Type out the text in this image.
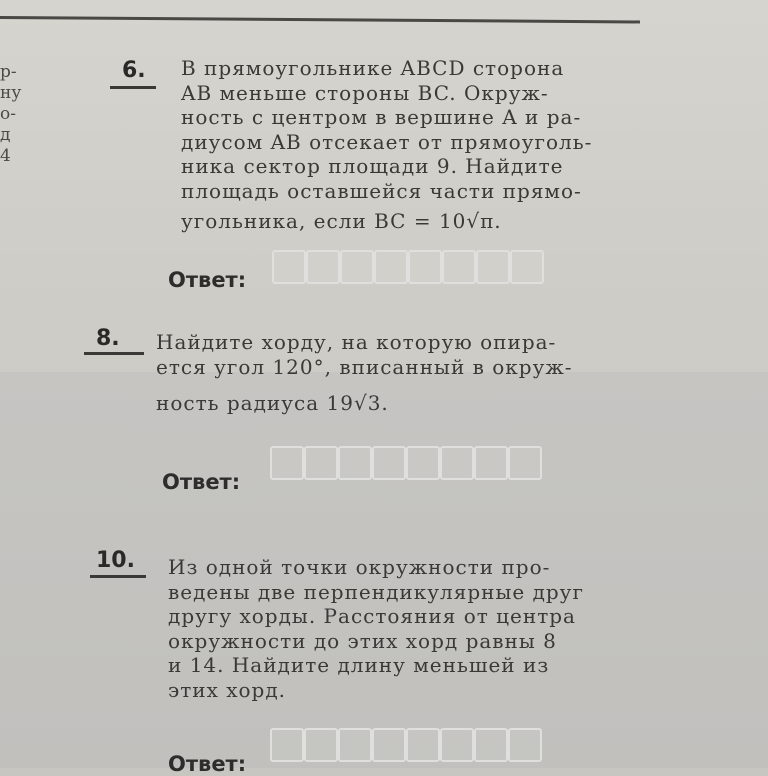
р-
ну
о-
д
4
6. В прямоугольнике ABCD сторона
AB меньше стороны BC. Окруж-
ность с центром в вершине A и ра-
диусом AB отсекает от прямоуголь-
ника сектор площади 9. Найдите
площадь оставшейся части прямо-
угольника, если BC = 10√π.
Ответ:
8. Найдите хорду, на которую опира-
ется угол 120°, вписанный в окруж-
ность радиуса 19√3.
Ответ:
10. Из одной точки окружности про-
ведены две перпендикулярные друг
другу хорды. Расстояния от центра
окружности до этих хорд равны 8
и 14. Найдите длину меньшей из
этих хорд.
Ответ:
